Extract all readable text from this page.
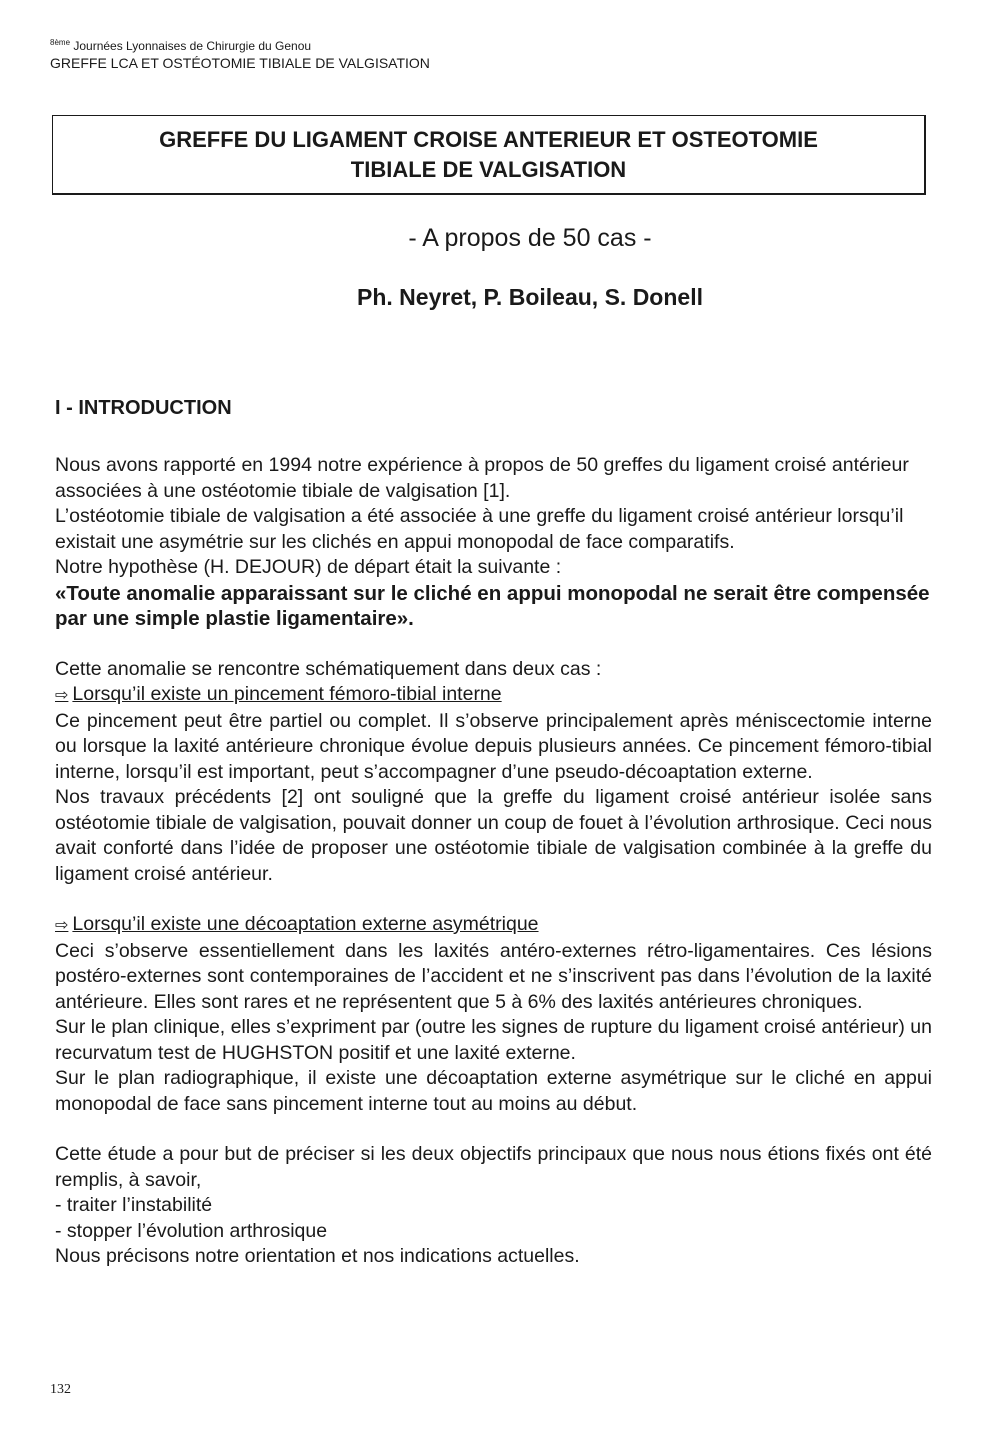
$^{8ème}$ Journées Lyonnaises de Chirurgie du Genou
GREFFE LCA ET OSTÉOTOMIE TIBIALE DE VALGISATION
GREFFE DU LIGAMENT CROISE ANTERIEUR ET OSTEOTOMIE
TIBIALE DE VALGISATION
- A propos de 50 cas -
Ph. Neyret, P. Boileau, S. Donell
I - INTRODUCTION

Nous avons rapporté en 1994 notre expérience à propos de 50 greffes du ligament croisé antérieur associées à une ostéotomie tibiale de valgisation [1].

L’ostéotomie tibiale de valgisation a été associée à une greffe du ligament croisé antérieur lorsqu’il existait une asymétrie sur les clichés en appui monopodal de face comparatifs.

Notre hypothèse (H. DEJOUR) de départ était la suivante :

«Toute anomalie apparaissant sur le cliché en appui monopodal ne serait être compensée par une simple plastie ligamentaire».

Cette anomalie se rencontre schématiquement dans deux cas :

⇨ Lorsqu’il existe un pincement fémoro-tibial interne

Ce pincement peut être partiel ou complet. Il s’observe principalement après méniscectomie interne ou lorsque la laxité antérieure chronique évolue depuis plusieurs années. Ce pincement fémoro-tibial interne, lorsqu’il est important, peut s’accompagner d’une pseudo-décoaptation externe.

Nos travaux précédents [2] ont souligné que la greffe du ligament croisé antérieur isolée sans ostéotomie tibiale de valgisation, pouvait donner un coup de fouet à l’évolution arthrosique. Ceci nous avait conforté dans l’idée de proposer une ostéotomie tibiale de valgisation combinée à la greffe du ligament croisé antérieur.

⇨ Lorsqu’il existe une décoaptation externe asymétrique

Ceci s’observe essentiellement dans les laxités antéro-externes rétro-ligamentaires. Ces lésions postéro-externes sont contemporaines de l’accident et ne s’inscrivent pas dans l’évolution de la laxité antérieure. Elles sont rares et ne représentent que 5 à 6% des laxités antérieures chroniques.

Sur le plan clinique, elles s’expriment par (outre les signes de rupture du ligament croisé antérieur) un recurvatum test de HUGHSTON positif et une laxité externe.

Sur le plan radiographique, il existe une décoaptation externe asymétrique sur le cliché en appui monopodal de face sans pincement interne tout au moins au début.

Cette étude a pour but de préciser si les deux objectifs principaux que nous nous étions fixés ont été remplis, à savoir,

- traiter l’instabilité

- stopper l’évolution arthrosique

Nous précisons notre orientation et nos indications actuelles.

132
